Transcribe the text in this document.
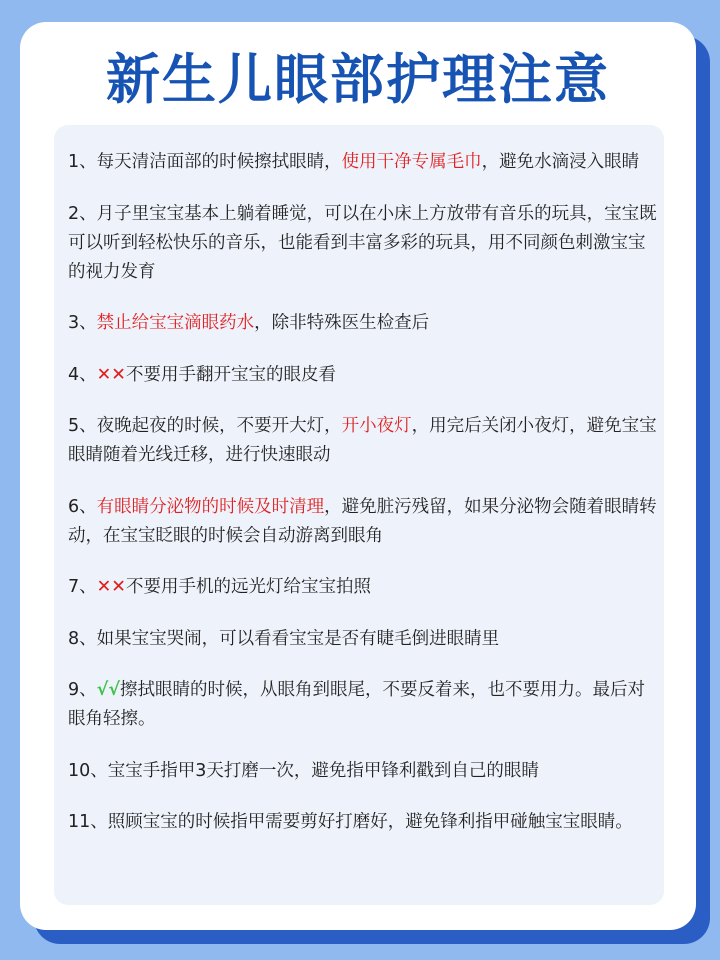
新生儿眼部护理注意
1、每天清洁面部的时候擦拭眼睛，使用干净专属毛巾，避免水滴浸入眼睛
2、月子里宝宝基本上躺着睡觉，可以在小床上方放带有音乐的玩具，宝宝既可以听到轻松快乐的音乐，也能看到丰富多彩的玩具，用不同颜色刺激宝宝的视力发育
3、禁止给宝宝滴眼药水，除非特殊医生检查后
4、✕✕不要用手翻开宝宝的眼皮看
5、夜晚起夜的时候，不要开大灯，开小夜灯，用完后关闭小夜灯，避免宝宝眼睛随着光线迁移，进行快速眼动
6、有眼睛分泌物的时候及时清理，避免脏污残留，如果分泌物会随着眼睛转动，在宝宝眨眼的时候会自动游离到眼角
7、✕✕不要用手机的远光灯给宝宝拍照
8、如果宝宝哭闹，可以看看宝宝是否有睫毛倒进眼睛里
9、√√擦拭眼睛的时候，从眼角到眼尾，不要反着来，也不要用力。最后对眼角轻擦。
10、宝宝手指甲3天打磨一次，避免指甲锋利戳到自己的眼睛
11、照顾宝宝的时候指甲需要剪好打磨好，避免锋利指甲碰触宝宝眼睛。
